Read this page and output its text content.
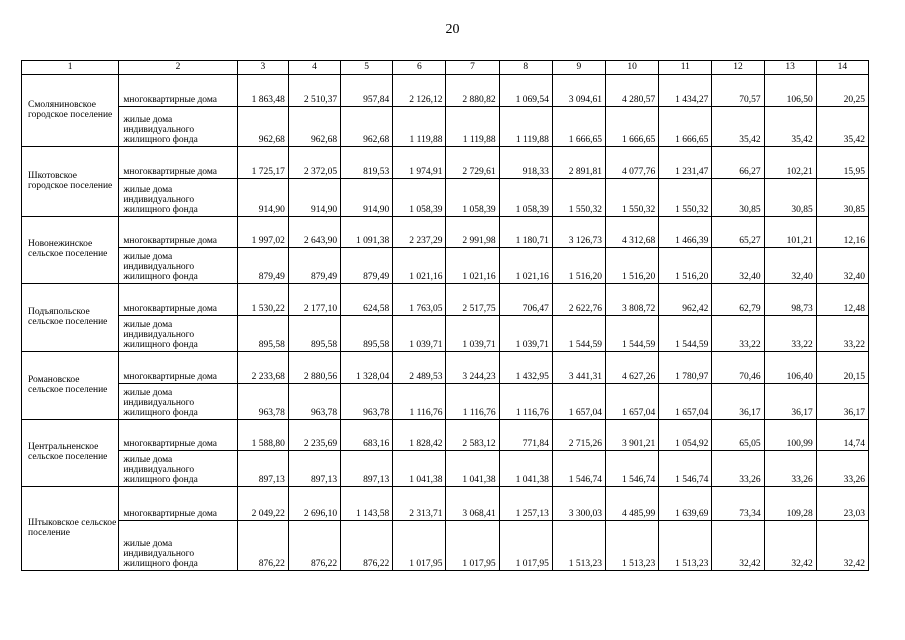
20
1	2	3	4	5	6	7	8	9	10	11	12	13	14
Смоляниновское городское поселение	многоквартирные дома	1 863,48	2 510,37	957,84	2 126,12	2 880,82	1 069,54	3 094,61	4 280,57	1 434,27	70,57	106,50	20,25
	жилые дома индивидуального жилищного фонда	962,68	962,68	962,68	1 119,88	1 119,88	1 119,88	1 666,65	1 666,65	1 666,65	35,42	35,42	35,42
Шкотовское городское поселение	многоквартирные дома	1 725,17	2 372,05	819,53	1 974,91	2 729,61	918,33	2 891,81	4 077,76	1 231,47	66,27	102,21	15,95
	жилые дома индивидуального жилищного фонда	914,90	914,90	914,90	1 058,39	1 058,39	1 058,39	1 550,32	1 550,32	1 550,32	30,85	30,85	30,85
Новонежинское сельское поселение	многоквартирные дома	1 997,02	2 643,90	1 091,38	2 237,29	2 991,98	1 180,71	3 126,73	4 312,68	1 466,39	65,27	101,21	12,16
	жилые дома индивидуального жилищного фонда	879,49	879,49	879,49	1 021,16	1 021,16	1 021,16	1 516,20	1 516,20	1 516,20	32,40	32,40	32,40
Подъяпольское сельское поселение	многоквартирные дома	1 530,22	2 177,10	624,58	1 763,05	2 517,75	706,47	2 622,76	3 808,72	962,42	62,79	98,73	12,48
	жилые дома индивидуального жилищного фонда	895,58	895,58	895,58	1 039,71	1 039,71	1 039,71	1 544,59	1 544,59	1 544,59	33,22	33,22	33,22
Романовское сельское поселение	многоквартирные дома	2 233,68	2 880,56	1 328,04	2 489,53	3 244,23	1 432,95	3 441,31	4 627,26	1 780,97	70,46	106,40	20,15
	жилые дома индивидуального жилищного фонда	963,78	963,78	963,78	1 116,76	1 116,76	1 116,76	1 657,04	1 657,04	1 657,04	36,17	36,17	36,17
Центральненское сельское поселение	многоквартирные дома	1 588,80	2 235,69	683,16	1 828,42	2 583,12	771,84	2 715,26	3 901,21	1 054,92	65,05	100,99	14,74
	жилые дома индивидуального жилищного фонда	897,13	897,13	897,13	1 041,38	1 041,38	1 041,38	1 546,74	1 546,74	1 546,74	33,26	33,26	33,26
Штыковское сельское поселение	многоквартирные дома	2 049,22	2 696,10	1 143,58	2 313,71	3 068,41	1 257,13	3 300,03	4 485,99	1 639,69	73,34	109,28	23,03
	жилые дома индивидуального жилищного фонда	876,22	876,22	876,22	1 017,95	1 017,95	1 017,95	1 513,23	1 513,23	1 513,23	32,42	32,42	32,42
